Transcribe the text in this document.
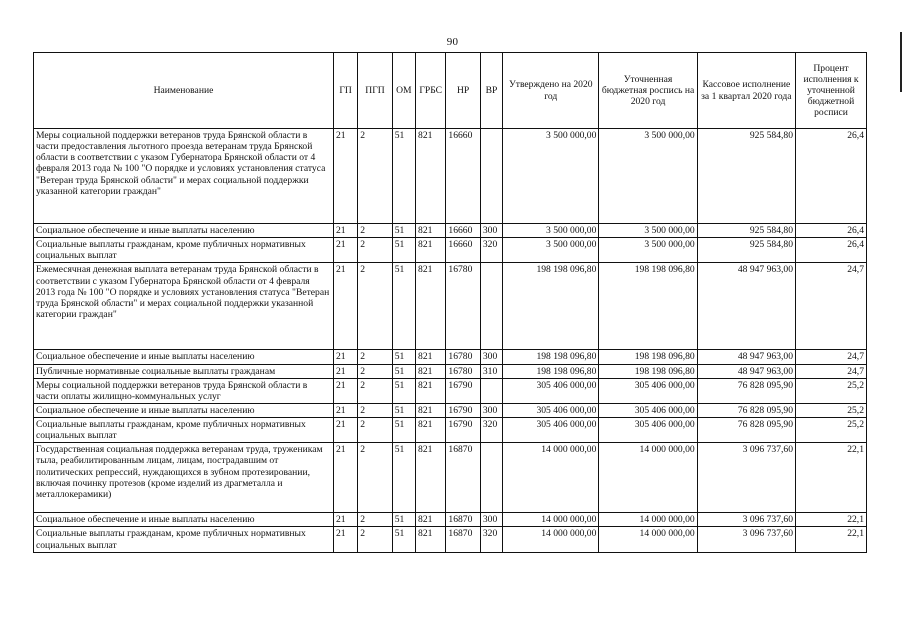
90
Наименование	ГП	ПГП	ОМ	ГРБС	НР	ВР	Утверждено на 2020 год	Уточненная бюджетная роспись на 2020 год	Кассовое исполнение за 1 квартал 2020 года	Процент исполнения к уточненной бюджетной росписи
Меры социальной поддержки ветеранов труда Брянской области в части предоставления льготного проезда ветеранам труда Брянской области в соответствии с указом Губернатора Брянской области от 4 февраля 2013 года № 100 "О порядке и условиях установления статуса "Ветеран труда Брянской области" и мерах социальной поддержки указанной категории граждан"	21	2	51	821	16660		3 500 000,00	3 500 000,00	925 584,80	26,4
Социальное обеспечение и иные выплаты населению	21	2	51	821	16660	300	3 500 000,00	3 500 000,00	925 584,80	26,4
Социальные выплаты гражданам, кроме публичных нормативных социальных выплат	21	2	51	821	16660	320	3 500 000,00	3 500 000,00	925 584,80	26,4
Ежемесячная денежная выплата ветеранам труда Брянской области в соответствии с указом Губернатора Брянской области от 4 февраля 2013 года № 100 "О порядке и условиях установления статуса "Ветеран труда Брянской области" и мерах социальной поддержки указанной категории граждан"	21	2	51	821	16780		198 198 096,80	198 198 096,80	48 947 963,00	24,7
Социальное обеспечение и иные выплаты населению	21	2	51	821	16780	300	198 198 096,80	198 198 096,80	48 947 963,00	24,7
Публичные нормативные социальные выплаты гражданам	21	2	51	821	16780	310	198 198 096,80	198 198 096,80	48 947 963,00	24,7
Меры социальной поддержки ветеранов труда Брянской области в части оплаты жилищно-коммунальных услуг	21	2	51	821	16790		305 406 000,00	305 406 000,00	76 828 095,90	25,2
Социальное обеспечение и иные выплаты населению	21	2	51	821	16790	300	305 406 000,00	305 406 000,00	76 828 095,90	25,2
Социальные выплаты гражданам, кроме публичных нормативных социальных выплат	21	2	51	821	16790	320	305 406 000,00	305 406 000,00	76 828 095,90	25,2
Государственная социальная поддержка ветеранам труда, труженикам тыла, реабилитированным лицам, лицам, пострадавшим от политических репрессий, нуждающихся в зубном протезировании, включая починку протезов (кроме изделий из драгметалла и металлокерамики)	21	2	51	821	16870		14 000 000,00	14 000 000,00	3 096 737,60	22,1
Социальное обеспечение и иные выплаты населению	21	2	51	821	16870	300	14 000 000,00	14 000 000,00	3 096 737,60	22,1
Социальные выплаты гражданам, кроме публичных нормативных социальных выплат	21	2	51	821	16870	320	14 000 000,00	14 000 000,00	3 096 737,60	22,1
